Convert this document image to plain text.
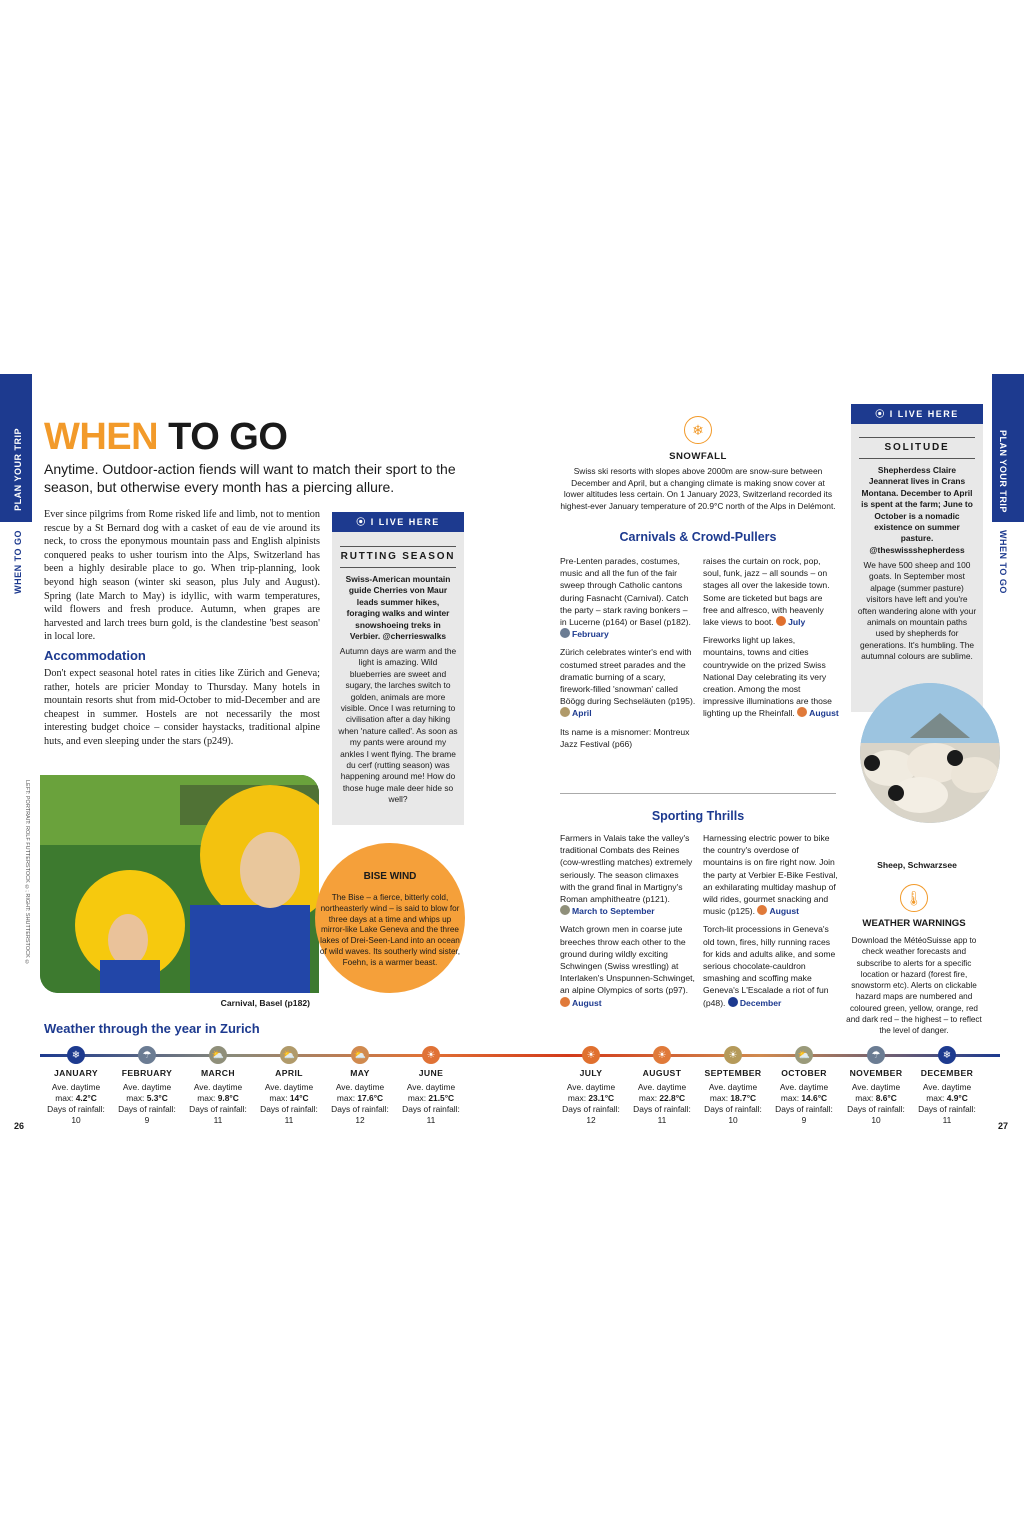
PLAN YOUR TRIP
WHEN TO GO
PLAN YOUR TRIP
WHEN TO GO
WHEN TO GO
Anytime. Outdoor-action fiends will want to match their sport to the season, but otherwise every month has a piercing allure.
Ever since pilgrims from Rome risked life and limb, not to mention rescue by a St Bernard dog with a casket of eau de vie around its neck, to cross the eponymous mountain pass and English alpinists conquered peaks to usher tourism into the Alps, Switzerland has been a highly desirable place to go. When trip-planning, look beyond high season (winter ski season, plus July and August). Spring (late March to May) is idyllic, with warm temperatures, wild flowers and fresh produce. Autumn, when grapes are harvested and larch trees burn gold, is the clandestine 'best season' in local lore.
Accommodation
Don't expect seasonal hotel rates in cities like Zürich and Geneva; rather, hotels are pricier Monday to Thursday. Many hotels in mountain resorts shut from mid-October to mid-December and are cheapest in summer. Hostels are not necessarily the most interesting budget choice – consider haystacks, traditional alpine huts, and even sleeping under the stars (p249).
⦿ I LIVE HERE
RUTTING SEASON
Swiss-American mountain guide Cherries von Maur leads summer hikes, foraging walks and winter snowshoeing treks in Verbier. @cherrieswalks
Autumn days are warm and the light is amazing. Wild blueberries are sweet and sugary, the larches switch to golden, animals are more visible. Once I was returning to civilisation after a day hiking when 'nature called'. As soon as my pants were around my ankles I went flying. The brame du cerf (rutting season) was happening around me! How do those huge male deer hide so well?
LEFT: PORTRAIT: ROLF FUTTERSTOCK ©; RIGHT: SHUTTERSTOCK ©
Carnival, Basel (p182)
BISE WIND
The Bise – a fierce, bitterly cold, northeasterly wind – is said to blow for three days at a time and whips up mirror-like Lake Geneva and the three lakes of Drei-Seen-Land into an ocean of wild waves. Its southerly wind sister, Foehn, is a warmer beast.
❄
SNOWFALL
Swiss ski resorts with slopes above 2000m are snow-sure between December and April, but a changing climate is making snow cover at lower altitudes less certain. On 1 January 2023, Switzerland recorded its highest-ever January temperature of 20.9°C north of the Alps in Delémont.
Carnivals & Crowd-Pullers
Pre-Lenten parades, costumes, music and all the fun of the fair sweep through Catholic cantons during Fasnacht (Carnival). Catch the party – stark raving bonkers – in Lucerne (p164) or Basel (p182). February
Zürich celebrates winter's end with costumed street parades and the dramatic burning of a scary, firework-filled 'snowman' called Böögg during Sechseläuten (p195). April
Its name is a misnomer: Montreux Jazz Festival (p66)
raises the curtain on rock, pop, soul, funk, jazz – all sounds – on stages all over the lakeside town. Some are ticketed but bags are free and alfresco, with heavenly lake views to boot. July
Fireworks light up lakes, mountains, towns and cities countrywide on the prized Swiss National Day celebrating its very creation. Among the most impressive illuminations are those lighting up the Rheinfall. August
Sporting Thrills
Farmers in Valais take the valley's traditional Combats des Reines (cow-wrestling matches) extremely seriously. The season climaxes with the grand final in Martigny's Roman amphitheatre (p121). March to September
Watch grown men in coarse jute breeches throw each other to the ground during wildly exciting Schwingen (Swiss wrestling) at Interlaken's Unspunnen-Schwinget, an alpine Olympics of sorts (p97). August
Harnessing electric power to bike the country's overdose of mountains is on fire right now. Join the party at Verbier E-Bike Festival, an exhilarating multiday mashup of wild rides, gourmet snacking and music (p125). August
Torch-lit processions in Geneva's old town, fires, hilly running races for kids and adults alike, and some serious chocolate-cauldron smashing and scoffing make Geneva's L'Escalade a riot of fun (p48). December
⦿ I LIVE HERE
SOLITUDE
Shepherdess Claire Jeannerat lives in Crans Montana. December to April is spent at the farm; June to October is a nomadic existence on summer pasture. @theswissshepherdess
We have 500 sheep and 100 goats. In September most alpage (summer pasture) visitors have left and you're often wandering alone with your animals on mountain paths used by shepherds for generations. It's humbling. The autumnal colours are sublime.
Sheep, Schwarzsee
🌡
WEATHER WARNINGS
Download the MétéoSuisse app to check weather forecasts and subscribe to alerts for a specific location or hazard (forest fire, snowstorm etc). Alerts on clickable hazard maps are numbered and coloured green, yellow, orange, red and dark red – the highest – to reflect the level of danger.
Weather through the year in Zurich
❄
JANUARY
Ave. daytime
max: 4.2°C
Days of rainfall:
10
☂
FEBRUARY
Ave. daytime
max: 5.3°C
Days of rainfall:
9
⛅
MARCH
Ave. daytime
max: 9.8°C
Days of rainfall:
11
⛅
APRIL
Ave. daytime
max: 14°C
Days of rainfall:
11
⛅
MAY
Ave. daytime
max: 17.6°C
Days of rainfall:
12
☀
JUNE
Ave. daytime
max: 21.5°C
Days of rainfall:
11
☀
JULY
Ave. daytime
max: 23.1°C
Days of rainfall:
12
☀
AUGUST
Ave. daytime
max: 22.8°C
Days of rainfall:
11
☀
SEPTEMBER
Ave. daytime
max: 18.7°C
Days of rainfall:
10
⛅
OCTOBER
Ave. daytime
max: 14.6°C
Days of rainfall:
9
☂
NOVEMBER
Ave. daytime
max: 8.6°C
Days of rainfall:
10
❄
DECEMBER
Ave. daytime
max: 4.9°C
Days of rainfall:
11
26	27
